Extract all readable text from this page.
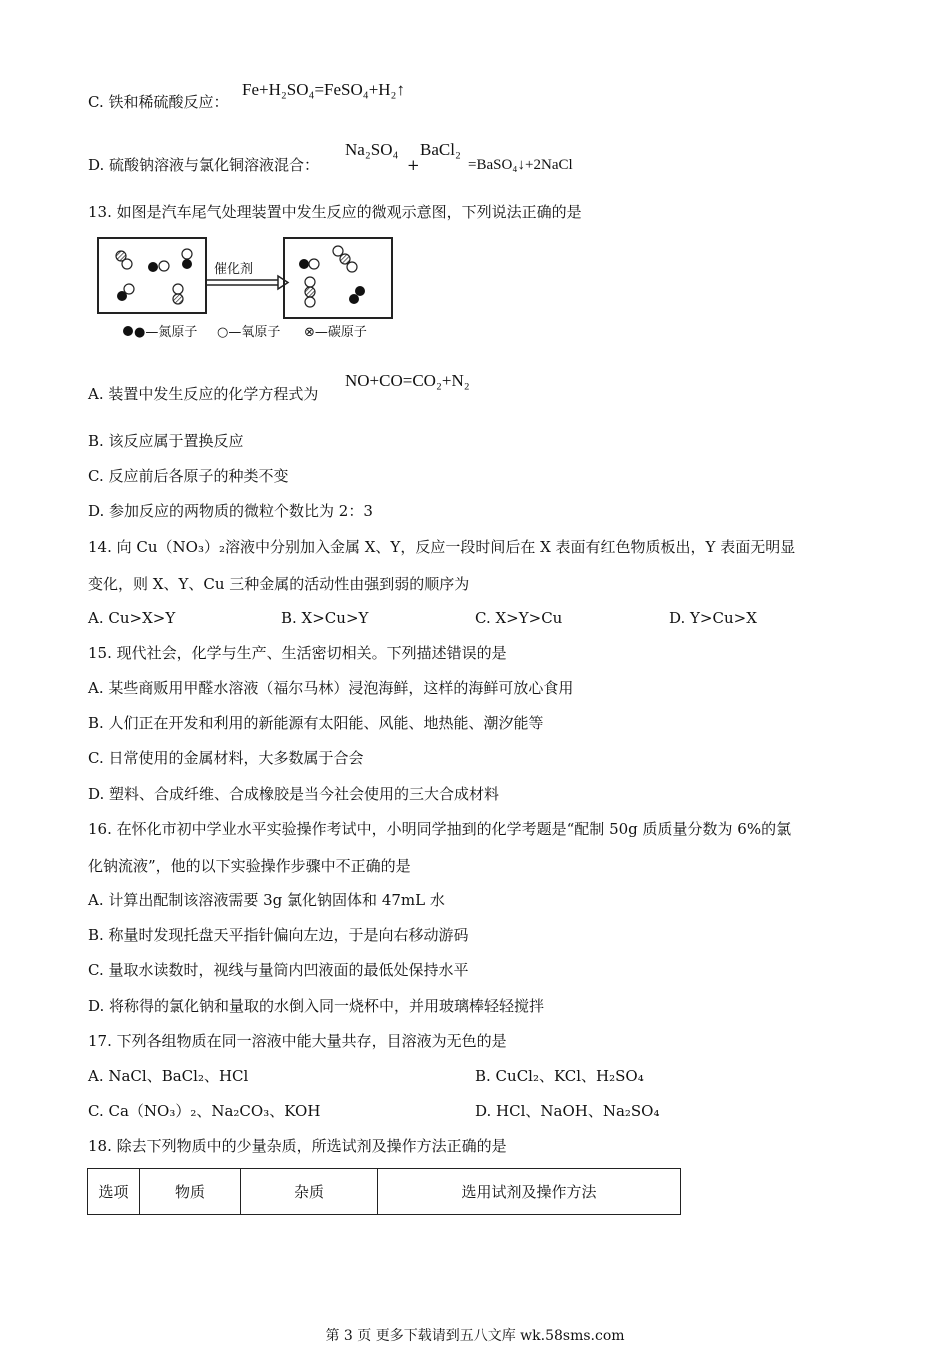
C. 铁和稀硫酸反应：
Fe+H₂SO₄=FeSO₄+H₂↑
D. 硫酸钠溶液与氯化铜溶液混合：
Na₂SO₄
+
BaCl₂
=BaSO₄↓+2NaCl
13. 如图是汽车尾气处理装置中发生反应的微观示意图，下列说法正确的是
催化剂
●—氮原子 ○—氧原子 ⊗—碳原子
A. 装置中发生反应的化学方程式为
NO+CO=CO₂+N₂
B. 该反应属于置换反应
C. 反应前后各原子的种类不变
D. 参加反应的两物质的微粒个数比为 2：3
14. 向 Cu（NO₃）₂溶液中分别加入金属 X、Y，反应一段时间后在 X 表面有红色物质板出，Y 表面无明显
变化，则 X、Y、Cu 三种金属的活动性由强到弱的顺序为
A. Cu>X>Y	B. X>Cu>Y	C. X>Y>Cu	D. Y>Cu>X
15. 现代社会，化学与生产、生活密切相关。下列描述错误的是
A. 某些商贩用甲醛水溶液（福尔马林）浸泡海鲜，这样的海鲜可放心食用
B. 人们正在开发和利用的新能源有太阳能、风能、地热能、潮汐能等
C. 日常使用的金属材料，大多数属于合会
D. 塑料、合成纤维、合成橡胶是当今社会使用的三大合成材料
16. 在怀化市初中学业水平实验操作考试中，小明同学抽到的化学考题是“配制 50g 质质量分数为 6%的氯
化钠流液”，他的以下实验操作步骤中不正确的是
A. 计算出配制该溶液需要 3g 氯化钠固体和 47mL 水
B. 称量时发现托盘天平指针偏向左边，于是向右移动游码
C. 量取水读数时，视线与量筒内凹液面的最低处保持水平
D. 将称得的氯化钠和量取的水倒入同一烧杯中，并用玻璃棒轻轻搅拌
17. 下列各组物质在同一溶液中能大量共存，目溶液为无色的是
A. NaCl、BaCl₂、HCl	B. CuCl₂、KCl、H₂SO₄
C. Ca（NO₃）₂、Na₂CO₃、KOH	D. HCl、NaOH、Na₂SO₄
18. 除去下列物质中的少量杂质，所选试剂及操作方法正确的是
选项	物质	杂质	选用试剂及操作方法
第 3 页 更多下载请到五八文库 wk.58sms.com
